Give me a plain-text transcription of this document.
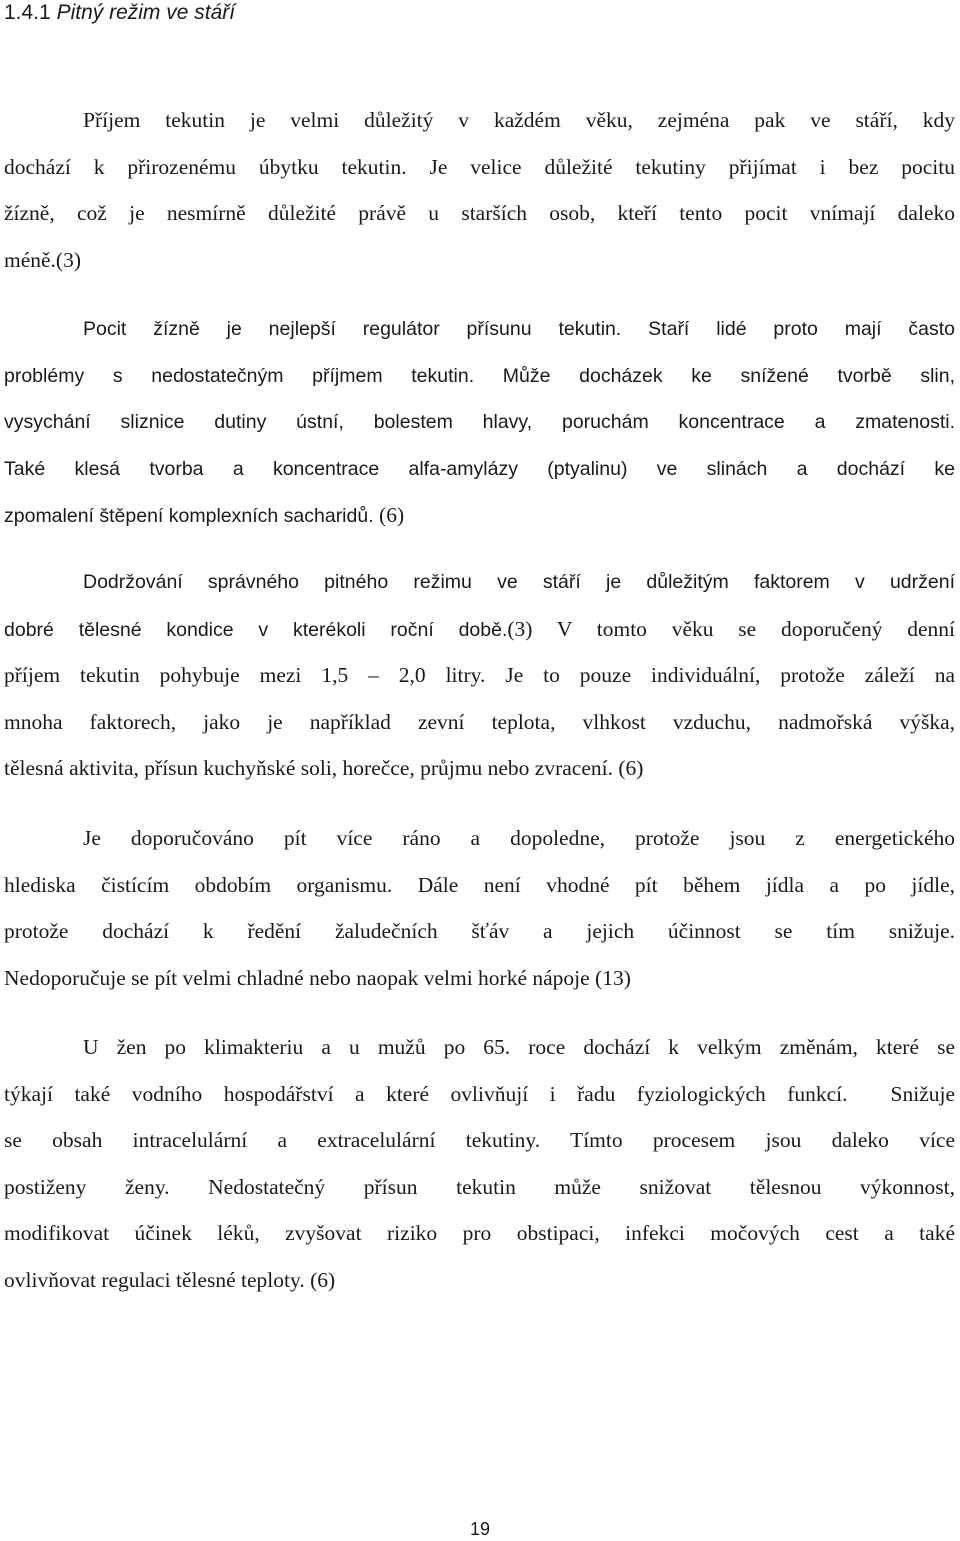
1.4.1 Pitný režim ve stáří
Příjem tekutin je velmi důležitý v každém věku, zejména pak ve stáří, kdy
dochází k přirozenému úbytku tekutin. Je velice důležité tekutiny přijímat i bez pocitu
žízně, což je nesmírně důležité právě u starších osob, kteří tento pocit vnímají daleko
méně.(3)
Pocit žízně je nejlepší regulátor přísunu tekutin. Staří lidé proto mají často
problémy s nedostatečným příjmem tekutin. Může docházek ke snížené tvorbě slin,
vysychání sliznice dutiny ústní, bolestem hlavy, poruchám koncentrace a zmatenosti.
Také klesá tvorba a koncentrace alfa-amylázy (ptyalinu) ve slinách a dochází ke
zpomalení štěpení komplexních sacharidů. (6)
Dodržování správného pitného režimu ve stáří je důležitým faktorem v udržení
dobré tělesné kondice v kterékoli roční době.(3) V tomto věku se doporučený denní
příjem tekutin pohybuje mezi 1,5 – 2,0 litry. Je to pouze individuální, protože záleží na
mnoha faktorech, jako je například zevní teplota, vlhkost vzduchu, nadmořská výška,
tělesná aktivita, přísun kuchyňské soli, horečce, průjmu nebo zvracení. (6)
Je doporučováno pít více ráno a dopoledne, protože jsou z energetického
hlediska čistícím obdobím organismu. Dále není vhodné pít během jídla a po jídle,
protože dochází k ředění žaludečních šťáv a jejich účinnost se tím snižuje.
Nedoporučuje se pít velmi chladné nebo naopak velmi horké nápoje (13)
U žen po klimakteriu a u mužů po 65. roce dochází k velkým změnám, které se
týkají také vodního hospodářství a které ovlivňují i řadu fyziologických funkcí. Snižuje
se obsah intracelulární a extracelulární tekutiny. Tímto procesem jsou daleko více
postiženy ženy. Nedostatečný přísun tekutin může snižovat tělesnou výkonnost,
modifikovat účinek léků, zvyšovat riziko pro obstipaci, infekci močových cest a také
ovlivňovat regulaci tělesné teploty. (6)
19
